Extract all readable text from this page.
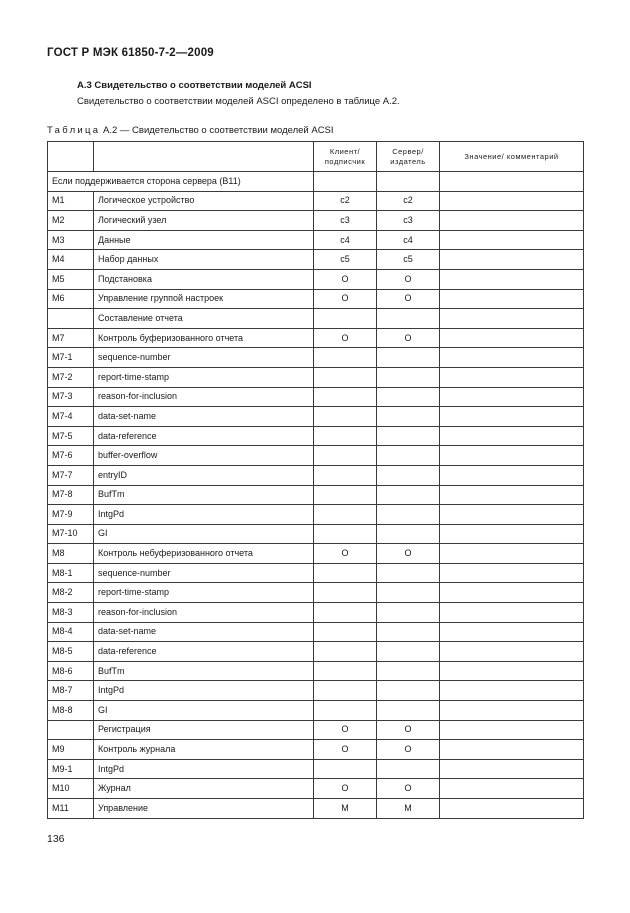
ГОСТ Р МЭК 61850-7-2—2009
А.3 Свидетельство о соответствии моделей ACSI
Свидетельство о соответствии моделей ASCI определено в таблице А.2.
Таблица А.2 — Свидетельство о соответствии моделей ACSI
		Клиент/ подписчик	Сервер/ издатель	Значение/ комментарий
Если поддерживается сторона сервера (В11)				
M1	Логическое устройство	c2	c2	
M2	Логический узел	c3	c3	
M3	Данные	c4	c4	
M4	Набор данных	c5	c5	
M5	Подстановка	O	O	
M6	Управление группой настроек	O	O	
	Составление отчета			
M7	Контроль буферизованного отчета	O	O	
M7-1	sequence-number			
M7-2	report-time-stamp			
M7-3	reason-for-inclusion			
M7-4	data-set-name			
M7-5	data-reference			
M7-6	buffer-overflow			
M7-7	entryID			
M7-8	BufTm			
M7-9	IntgPd			
M7-10	GI			
M8	Контроль небуферизованного отчета	O	O	
M8-1	sequence-number			
M8-2	report-time-stamp			
M8-3	reason-for-inclusion			
M8-4	data-set-name			
M8-5	data-reference			
M8-6	BufTm			
M8-7	IntgPd			
M8-8	GI			
	Регистрация	O	O	
M9	Контроль журнала	O	O	
M9-1	IntgPd			
M10	Журнал	O	O	
M11	Управление	M	M	
136
